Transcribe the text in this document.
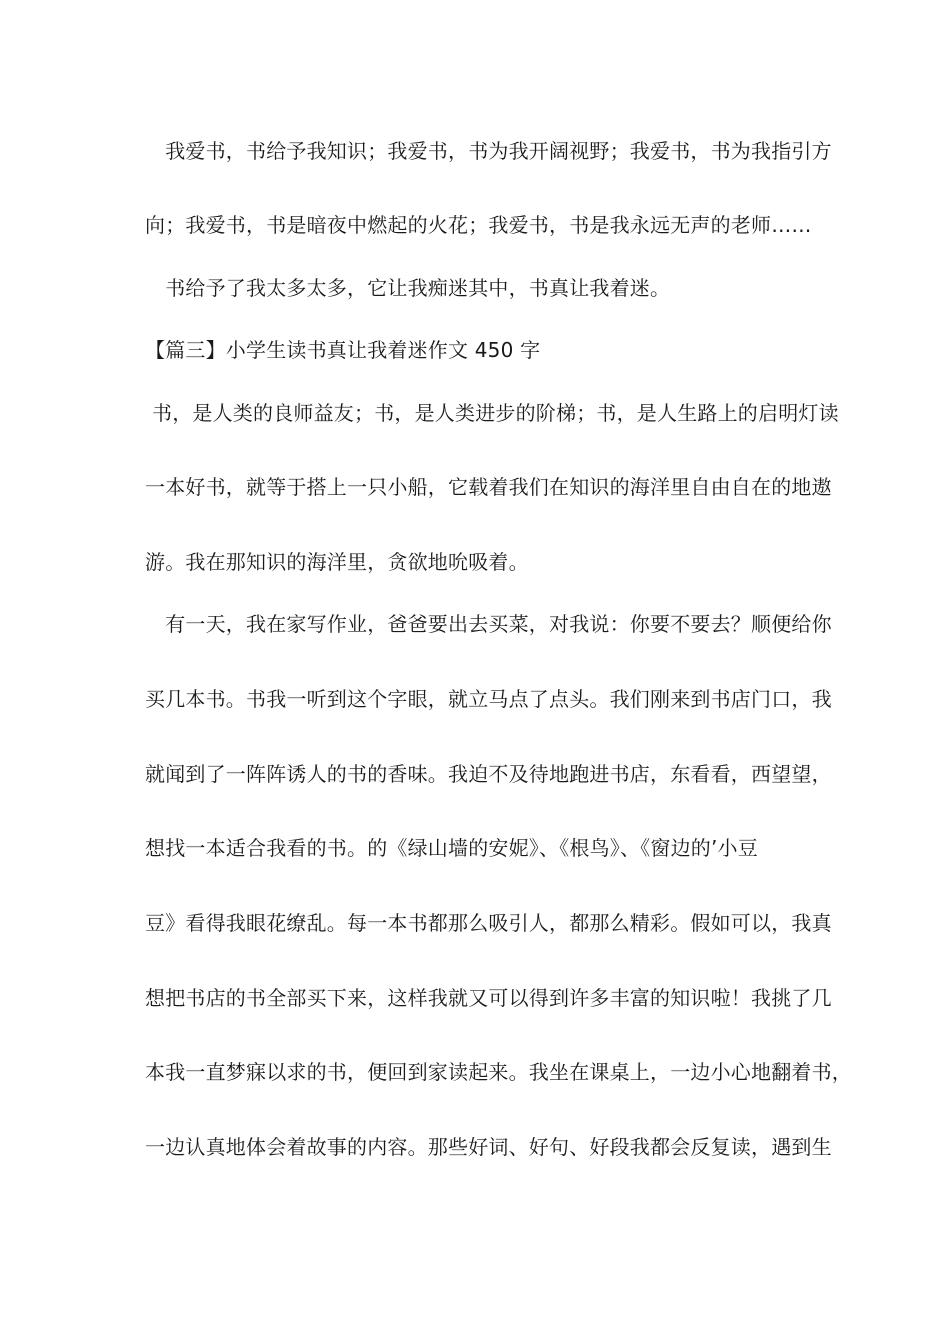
　我爱书，书给予我知识；我爱书，书为我开阔视野；我爱书，书为我指引方
向；我爱书，书是暗夜中燃起的火花；我爱书，书是我永远无声的老师……
　书给予了我太多太多，它让我痴迷其中，书真让我着迷。
【篇三】小学生读书真让我着迷作文 450 字
书，是人类的良师益友；书，是人类进步的阶梯；书，是人生路上的启明灯读
一本好书，就等于搭上一只小船，它载着我们在知识的海洋里自由自在的地遨
游。我在那知识的海洋里，贪欲地吮吸着。
　有一天，我在家写作业，爸爸要出去买菜，对我说：你要不要去？顺便给你
买几本书。书我一听到这个字眼，就立马点了点头。我们刚来到书店门口，我
就闻到了一阵阵诱人的书的香味。我迫不及待地跑进书店，东看看，西望望，
想找一本适合我看的书。的《绿山墙的安妮》、《根鸟》、《窗边的’小豆
豆》看得我眼花缭乱。每一本书都那么吸引人，都那么精彩。假如可以，我真
想把书店的书全部买下来，这样我就又可以得到许多丰富的知识啦！我挑了几
本我一直梦寐以求的书，便回到家读起来。我坐在课桌上，一边小心地翻着书，
一边认真地体会着故事的内容。那些好词、好句、好段我都会反复读，遇到生
